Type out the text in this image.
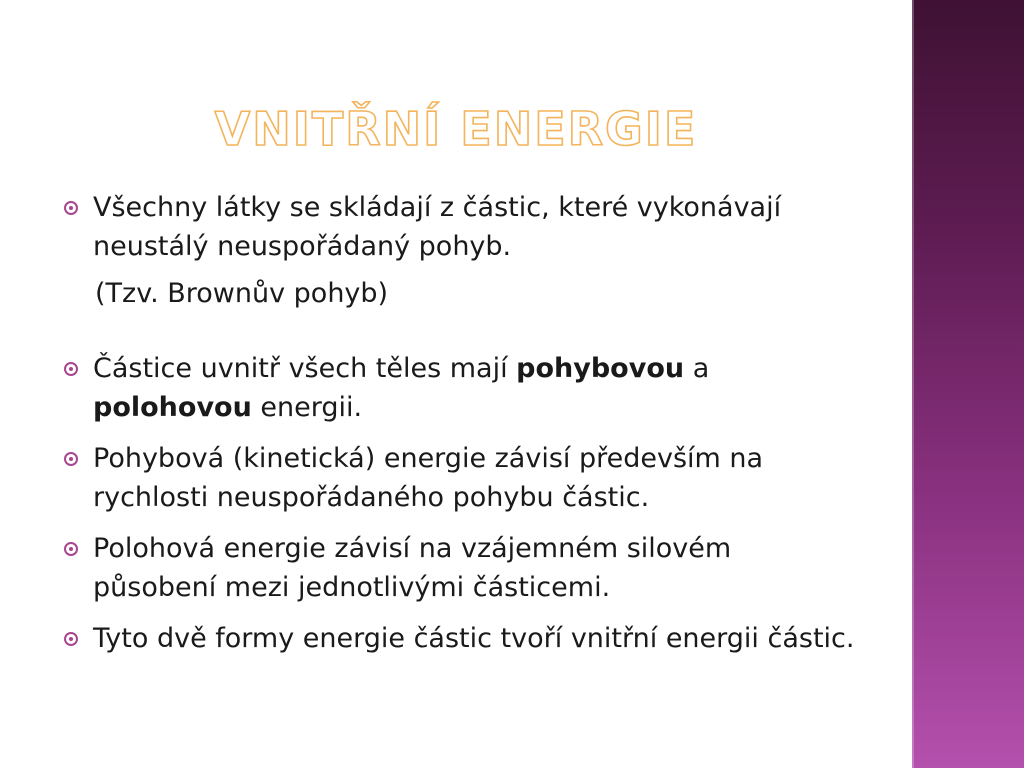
VNITŘNÍ ENERGIE
Všechny látky se skládají z částic, které vykonávají neustálý neuspořádaný pohyb.
(Tzv. Brownův pohyb)
Částice uvnitř všech těles mají pohybovou a
polohovou energii.
Pohybová (kinetická) energie závisí především na rychlosti neuspořádaného pohybu částic.
Polohová energie závisí na vzájemném silovém působení mezi jednotlivými částicemi.
Tyto dvě formy energie částic tvoří vnitřní energii částic.
